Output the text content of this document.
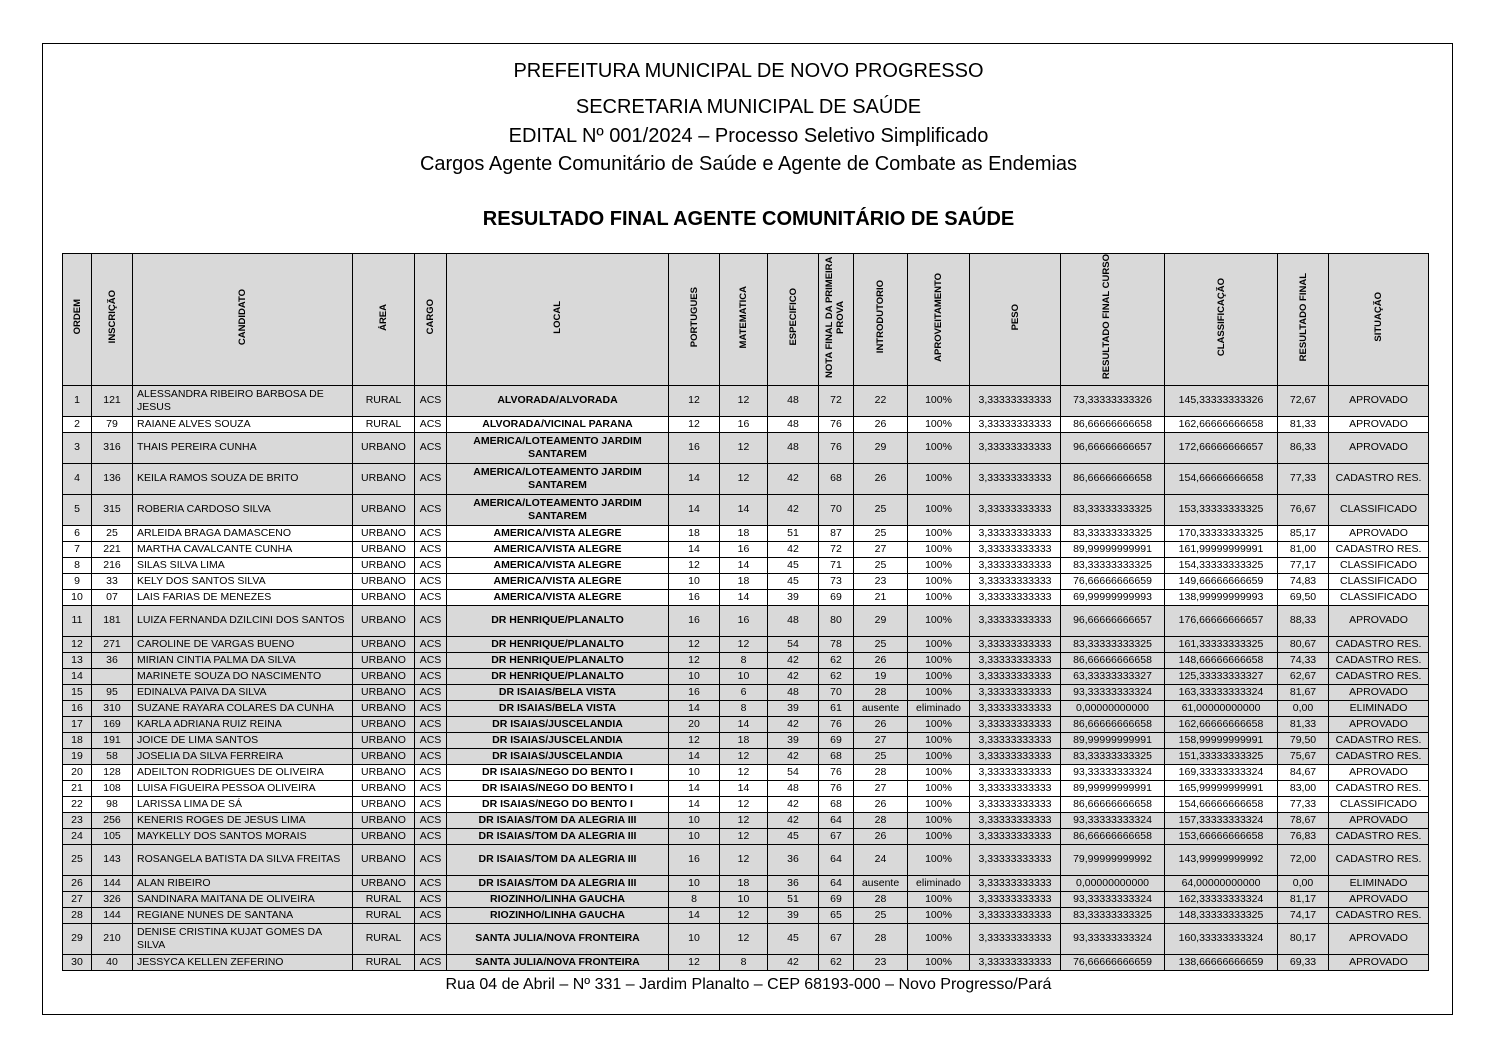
PREFEITURA MUNICIPAL DE NOVO PROGRESSO
SECRETARIA MUNICIPAL DE SAÚDE
EDITAL Nº 001/2024 – Processo Seletivo Simplificado
Cargos Agente Comunitário de Saúde e Agente de Combate as Endemias
RESULTADO FINAL AGENTE COMUNITÁRIO DE SAÚDE
ORDEM	INSCRIÇÃO	CANDIDATO	ÁREA	CARGO	LOCAL	PORTUGUES	MATEMATICA	ESPECIFICO	NOTA FINAL DA PRIMEIRA PROVA	INTRODUTORIO	APROVEITAMENTO	PESO	RESULTADO FINAL CURSO	CLASSIFICAÇÃO	RESULTADO FINAL	SITUAÇÃO
1	121	ALESSANDRA RIBEIRO BARBOSA DE JESUS	RURAL	ACS	ALVORADA/ALVORADA	12	12	48	72	22	100%	3,33333333333	73,33333333326	145,33333333326	72,67	APROVADO
2	79	RAIANE ALVES SOUZA	RURAL	ACS	ALVORADA/VICINAL PARANA	12	16	48	76	26	100%	3,33333333333	86,66666666658	162,66666666658	81,33	APROVADO
3	316	THAIS PEREIRA CUNHA	URBANO	ACS	AMERICA/LOTEAMENTO JARDIM SANTAREM	16	12	48	76	29	100%	3,33333333333	96,66666666657	172,66666666657	86,33	APROVADO
4	136	KEILA RAMOS SOUZA DE BRITO	URBANO	ACS	AMERICA/LOTEAMENTO JARDIM SANTAREM	14	12	42	68	26	100%	3,33333333333	86,66666666658	154,66666666658	77,33	CADASTRO RES.
5	315	ROBERIA CARDOSO SILVA	URBANO	ACS	AMERICA/LOTEAMENTO JARDIM SANTAREM	14	14	42	70	25	100%	3,33333333333	83,33333333325	153,33333333325	76,67	CLASSIFICADO
6	25	ARLEIDA BRAGA DAMASCENO	URBANO	ACS	AMERICA/VISTA ALEGRE	18	18	51	87	25	100%	3,33333333333	83,33333333325	170,33333333325	85,17	APROVADO
7	221	MARTHA CAVALCANTE CUNHA	URBANO	ACS	AMERICA/VISTA ALEGRE	14	16	42	72	27	100%	3,33333333333	89,99999999991	161,99999999991	81,00	CADASTRO RES.
8	216	SILAS SILVA LIMA	URBANO	ACS	AMERICA/VISTA ALEGRE	12	14	45	71	25	100%	3,33333333333	83,33333333325	154,33333333325	77,17	CLASSIFICADO
9	33	KELY DOS SANTOS SILVA	URBANO	ACS	AMERICA/VISTA ALEGRE	10	18	45	73	23	100%	3,33333333333	76,66666666659	149,66666666659	74,83	CLASSIFICADO
10	07	LAIS FARIAS DE MENEZES	URBANO	ACS	AMERICA/VISTA ALEGRE	16	14	39	69	21	100%	3,33333333333	69,99999999993	138,99999999993	69,50	CLASSIFICADO
11	181	LUIZA FERNANDA DZILCINI DOS SANTOS	URBANO	ACS	DR HENRIQUE/PLANALTO	16	16	48	80	29	100%	3,33333333333	96,66666666657	176,66666666657	88,33	APROVADO
12	271	CAROLINE DE VARGAS BUENO	URBANO	ACS	DR HENRIQUE/PLANALTO	12	12	54	78	25	100%	3,33333333333	83,33333333325	161,33333333325	80,67	CADASTRO RES.
13	36	MIRIAN CINTIA PALMA DA SILVA	URBANO	ACS	DR HENRIQUE/PLANALTO	12	8	42	62	26	100%	3,33333333333	86,66666666658	148,66666666658	74,33	CADASTRO RES.
14		MARINETE SOUZA DO NASCIMENTO	URBANO	ACS	DR HENRIQUE/PLANALTO	10	10	42	62	19	100%	3,33333333333	63,33333333327	125,33333333327	62,67	CADASTRO RES.
15	95	EDINALVA PAIVA DA SILVA	URBANO	ACS	DR ISAIAS/BELA VISTA	16	6	48	70	28	100%	3,33333333333	93,33333333324	163,33333333324	81,67	APROVADO
16	310	SUZANE RAYARA COLARES DA CUNHA	URBANO	ACS	DR ISAIAS/BELA VISTA	14	8	39	61	ausente	eliminado	3,33333333333	0,00000000000	61,00000000000	0,00	ELIMINADO
17	169	KARLA ADRIANA RUIZ REINA	URBANO	ACS	DR ISAIAS/JUSCELANDIA	20	14	42	76	26	100%	3,33333333333	86,66666666658	162,66666666658	81,33	APROVADO
18	191	JOICE DE LIMA SANTOS	URBANO	ACS	DR ISAIAS/JUSCELANDIA	12	18	39	69	27	100%	3,33333333333	89,99999999991	158,99999999991	79,50	CADASTRO RES.
19	58	JOSELIA DA SILVA FERREIRA	URBANO	ACS	DR ISAIAS/JUSCELANDIA	14	12	42	68	25	100%	3,33333333333	83,33333333325	151,33333333325	75,67	CADASTRO RES.
20	128	ADEILTON RODRIGUES DE OLIVEIRA	URBANO	ACS	DR ISAIAS/NEGO DO BENTO I	10	12	54	76	28	100%	3,33333333333	93,33333333324	169,33333333324	84,67	APROVADO
21	108	LUISA FIGUEIRA PESSOA OLIVEIRA	URBANO	ACS	DR ISAIAS/NEGO DO BENTO I	14	14	48	76	27	100%	3,33333333333	89,99999999991	165,99999999991	83,00	CADASTRO RES.
22	98	LARISSA LIMA DE SÁ	URBANO	ACS	DR ISAIAS/NEGO DO BENTO I	14	12	42	68	26	100%	3,33333333333	86,66666666658	154,66666666658	77,33	CLASSIFICADO
23	256	KENERIS ROGES DE JESUS LIMA	URBANO	ACS	DR ISAIAS/TOM DA ALEGRIA III	10	12	42	64	28	100%	3,33333333333	93,33333333324	157,33333333324	78,67	APROVADO
24	105	MAYKELLY DOS SANTOS MORAIS	URBANO	ACS	DR ISAIAS/TOM DA ALEGRIA III	10	12	45	67	26	100%	3,33333333333	86,66666666658	153,66666666658	76,83	CADASTRO RES.
25	143	ROSANGELA BATISTA DA SILVA FREITAS	URBANO	ACS	DR ISAIAS/TOM DA ALEGRIA III	16	12	36	64	24	100%	3,33333333333	79,99999999992	143,99999999992	72,00	CADASTRO RES.
26	144	ALAN RIBEIRO	URBANO	ACS	DR ISAIAS/TOM DA ALEGRIA III	10	18	36	64	ausente	eliminado	3,33333333333	0,00000000000	64,00000000000	0,00	ELIMINADO
27	326	SANDINARA MAITANA DE OLIVEIRA	RURAL	ACS	RIOZINHO/LINHA GAUCHA	8	10	51	69	28	100%	3,33333333333	93,33333333324	162,33333333324	81,17	APROVADO
28	144	REGIANE NUNES DE SANTANA	RURAL	ACS	RIOZINHO/LINHA GAUCHA	14	12	39	65	25	100%	3,33333333333	83,33333333325	148,33333333325	74,17	CADASTRO RES.
29	210	DENISE CRISTINA KUJAT GOMES DA SILVA	RURAL	ACS	SANTA JULIA/NOVA FRONTEIRA	10	12	45	67	28	100%	3,33333333333	93,33333333324	160,33333333324	80,17	APROVADO
30	40	JESSYCA KELLEN ZEFERINO	RURAL	ACS	SANTA JULIA/NOVA FRONTEIRA	12	8	42	62	23	100%	3,33333333333	76,66666666659	138,66666666659	69,33	APROVADO
Rua 04 de Abril – Nº 331 – Jardim Planalto – CEP 68193-000 – Novo Progresso/Pará
